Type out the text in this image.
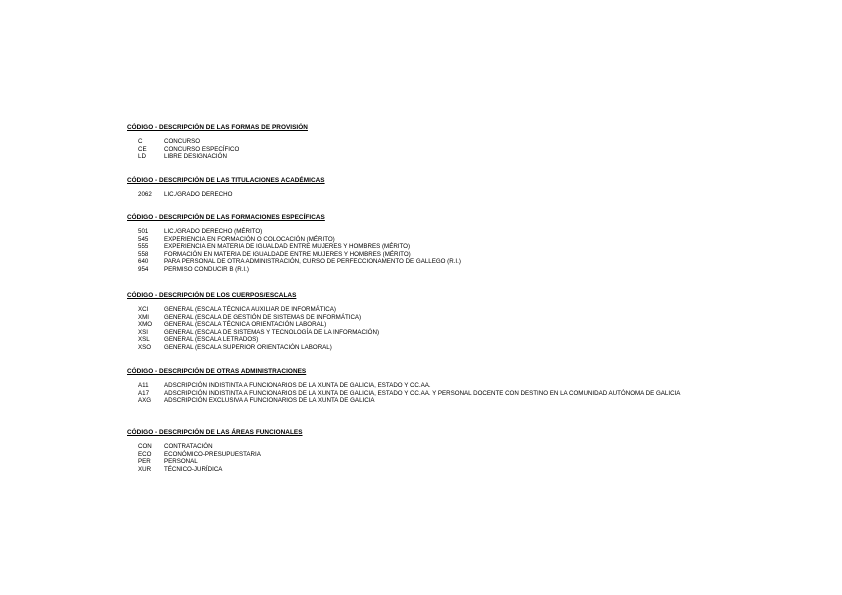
CÓDIGO - DESCRIPCIÓN DE LAS FORMAS DE PROVISIÓN
C	CONCURSO
CE	CONCURSO ESPECÍFICO
LD	LIBRE DESIGNACIÓN
CÓDIGO - DESCRIPCIÓN DE LAS TITULACIONES ACADÉMICAS
2062	LIC./GRADO DERECHO
CÓDIGO - DESCRIPCIÓN DE LAS FORMACIONES ESPECÍFICAS
501	LIC./GRADO DERECHO (MÉRITO)
545	EXPERIENCIA EN FORMACIÓN O COLOCACIÓN (MÉRITO)
555	EXPERIENCIA EN MATERIA DE IGUALDAD ENTRE MUJERES Y HOMBRES (MÉRITO)
558	FORMACIÓN EN MATERIA DE IGUALDADE ENTRE MUJERES Y HOMBRES (MÉRITO)
640	PARA PERSONAL DE OTRA ADMINISTRACIÓN, CURSO DE PERFECCIONAMENTO DE GALLEGO (R.I.)
954	PERMISO CONDUCIR B (R.I.)
CÓDIGO - DESCRIPCIÓN DE LOS CUERPOS/ESCALAS
XCI	GENERAL (ESCALA TÉCNICA AUXILIAR DE INFORMÁTICA)
XMI	GENERAL (ESCALA DE GESTIÓN DE SISTEMAS DE INFORMÁTICA)
XMO	GENERAL (ESCALA TÉCNICA ORIENTACIÓN LABORAL)
XSI	GENERAL (ESCALA DE SISTEMAS Y TECNOLOGÍA DE LA INFORMACIÓN)
XSL	GENERAL (ESCALA LETRADOS)
XSO	GENERAL (ESCALA SUPERIOR ORIENTACIÓN LABORAL)
CÓDIGO - DESCRIPCIÓN DE OTRAS ADMINISTRACIONES
A11	ADSCRIPCIÓN INDISTINTA A FUNCIONARIOS DE LA XUNTA DE GALICIA, ESTADO Y CC.AA.
A17	ADSCRIPCIÓN INDISTINTA A FUNCIONARIOS DE LA XUNTA DE GALICIA, ESTADO Y CC.AA. Y PERSONAL DOCENTE CON DESTINO EN LA COMUNIDAD AUTÓNOMA DE GALICIA
AXG	ADSCRIPCIÓN EXCLUSIVA A FUNCIONARIOS DE LA XUNTA DE GALICIA
CÓDIGO - DESCRIPCIÓN DE LAS ÁREAS FUNCIONALES
CON	CONTRATACIÓN
ECO	ECONÓMICO-PRESUPUESTARIA
PER	PERSONAL
XUR	TÉCNICO-JURÍDICA
